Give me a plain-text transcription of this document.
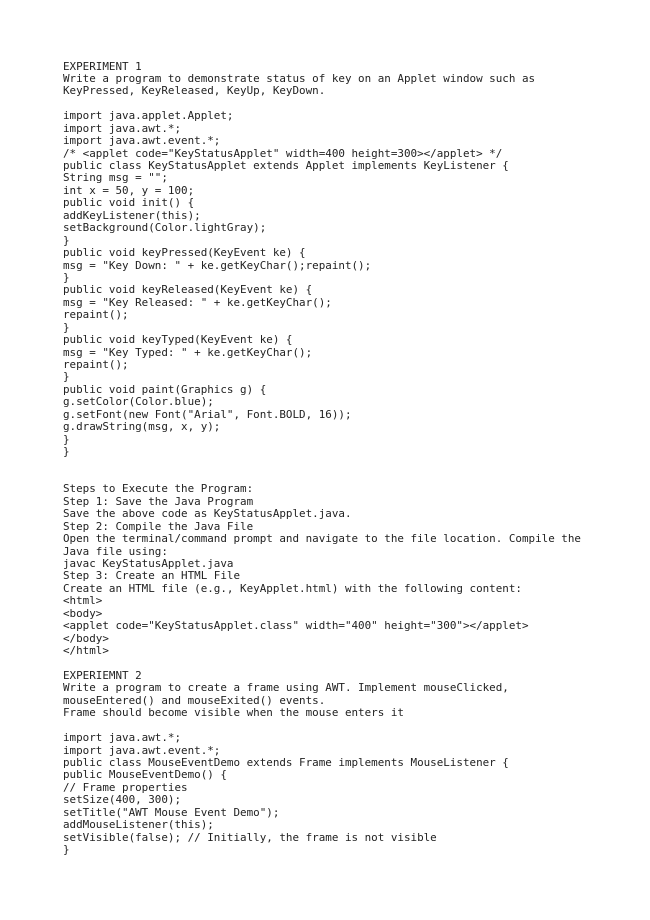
EXPERIMENT 1
Write a program to demonstrate status of key on an Applet window such as
KeyPressed, KeyReleased, KeyUp, KeyDown.
import java.applet.Applet;
import java.awt.*;
import java.awt.event.*;
/* <applet code="KeyStatusApplet" width=400 height=300></applet> */
public class KeyStatusApplet extends Applet implements KeyListener {
String msg = "";
int x = 50, y = 100;
public void init() {
addKeyListener(this);
setBackground(Color.lightGray);
}
public void keyPressed(KeyEvent ke) {
msg = "Key Down: " + ke.getKeyChar();repaint();
}
public void keyReleased(KeyEvent ke) {
msg = "Key Released: " + ke.getKeyChar();
repaint();
}
public void keyTyped(KeyEvent ke) {
msg = "Key Typed: " + ke.getKeyChar();
repaint();
}
public void paint(Graphics g) {
g.setColor(Color.blue);
g.setFont(new Font("Arial", Font.BOLD, 16));
g.drawString(msg, x, y);
}
}
Steps to Execute the Program:
Step 1: Save the Java Program
Save the above code as KeyStatusApplet.java.
Step 2: Compile the Java File
Open the terminal/command prompt and navigate to the file location. Compile the
Java file using:
javac KeyStatusApplet.java
Step 3: Create an HTML File
Create an HTML file (e.g., KeyApplet.html) with the following content:
<html>
<body>
<applet code="KeyStatusApplet.class" width="400" height="300"></applet>
</body>
</html>
EXPERIEMNT 2
Write a program to create a frame using AWT. Implement mouseClicked,
mouseEntered() and mouseExited() events.
Frame should become visible when the mouse enters it
import java.awt.*;
import java.awt.event.*;
public class MouseEventDemo extends Frame implements MouseListener {
public MouseEventDemo() {
// Frame properties
setSize(400, 300);
setTitle("AWT Mouse Event Demo");
addMouseListener(this);
setVisible(false); // Initially, the frame is not visible
}
